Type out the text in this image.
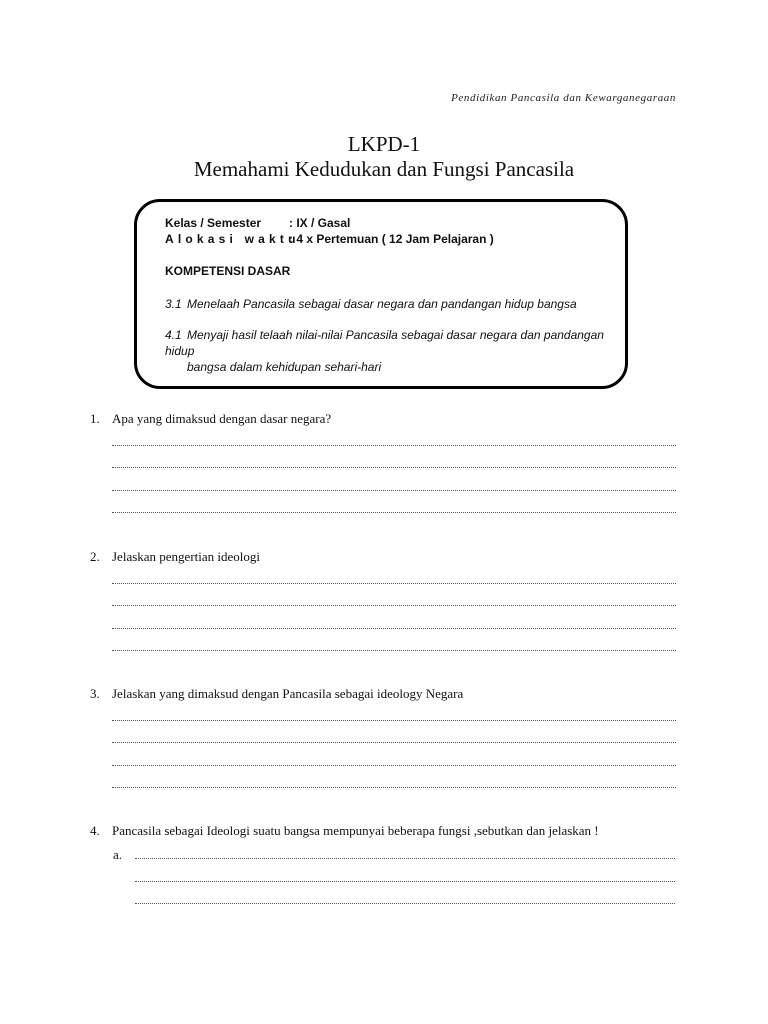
Pendidikan Pancasila dan Kewarganegaraan
LKPD-1
Memahami Kedudukan dan Fungsi Pancasila
Kelas / Semester : IX / Gasal
Alokasi waktu: 4 x Pertemuan ( 12 Jam Pelajaran )
KOMPETENSI DASAR
3.1 Menelaah Pancasila sebagai dasar negara dan pandangan hidup bangsa
4.1 Menyaji hasil telaah nilai-nilai Pancasila sebagai dasar negara dan pandangan hidup
bangsa dalam kehidupan sehari-hari
1. Apa yang dimaksud dengan dasar negara?
2. Jelaskan pengertian ideologi
3. Jelaskan yang dimaksud dengan Pancasila sebagai ideology Negara
4. Pancasila sebagai Ideologi suatu bangsa mempunyai beberapa fungsi ,sebutkan dan jelaskan !
a.
